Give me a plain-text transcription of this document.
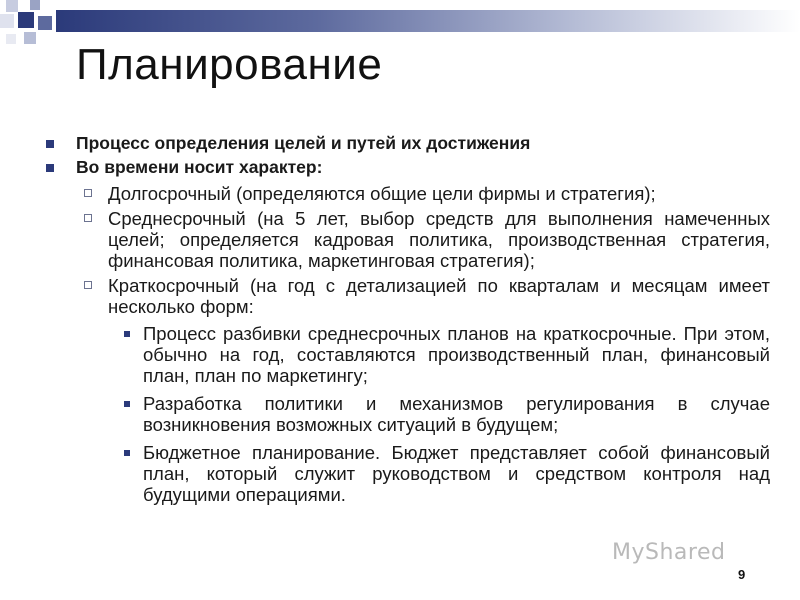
Планирование
Процесс определения целей и путей их достижения
Во времени носит характер:
Долгосрочный (определяются общие цели фирмы и стратегия);
Среднесрочный (на 5 лет, выбор средств для выполнения намеченных целей; определяется кадровая политика, производственная стратегия, финансовая политика, маркетинговая стратегия);
Краткосрочный (на год с детализацией по кварталам и месяцам имеет несколько форм:
Процесс разбивки среднесрочных планов на краткосрочные. При этом, обычно на год, составляются производственный план, финансовый план, план по маркетингу;
Разработка политики и механизмов регулирования в случае возникновения возможных ситуаций в будущем;
Бюджетное планирование. Бюджет представляет собой финансовый план, который служит руководством и средством контроля над будущими операциями.
MyShared
9
